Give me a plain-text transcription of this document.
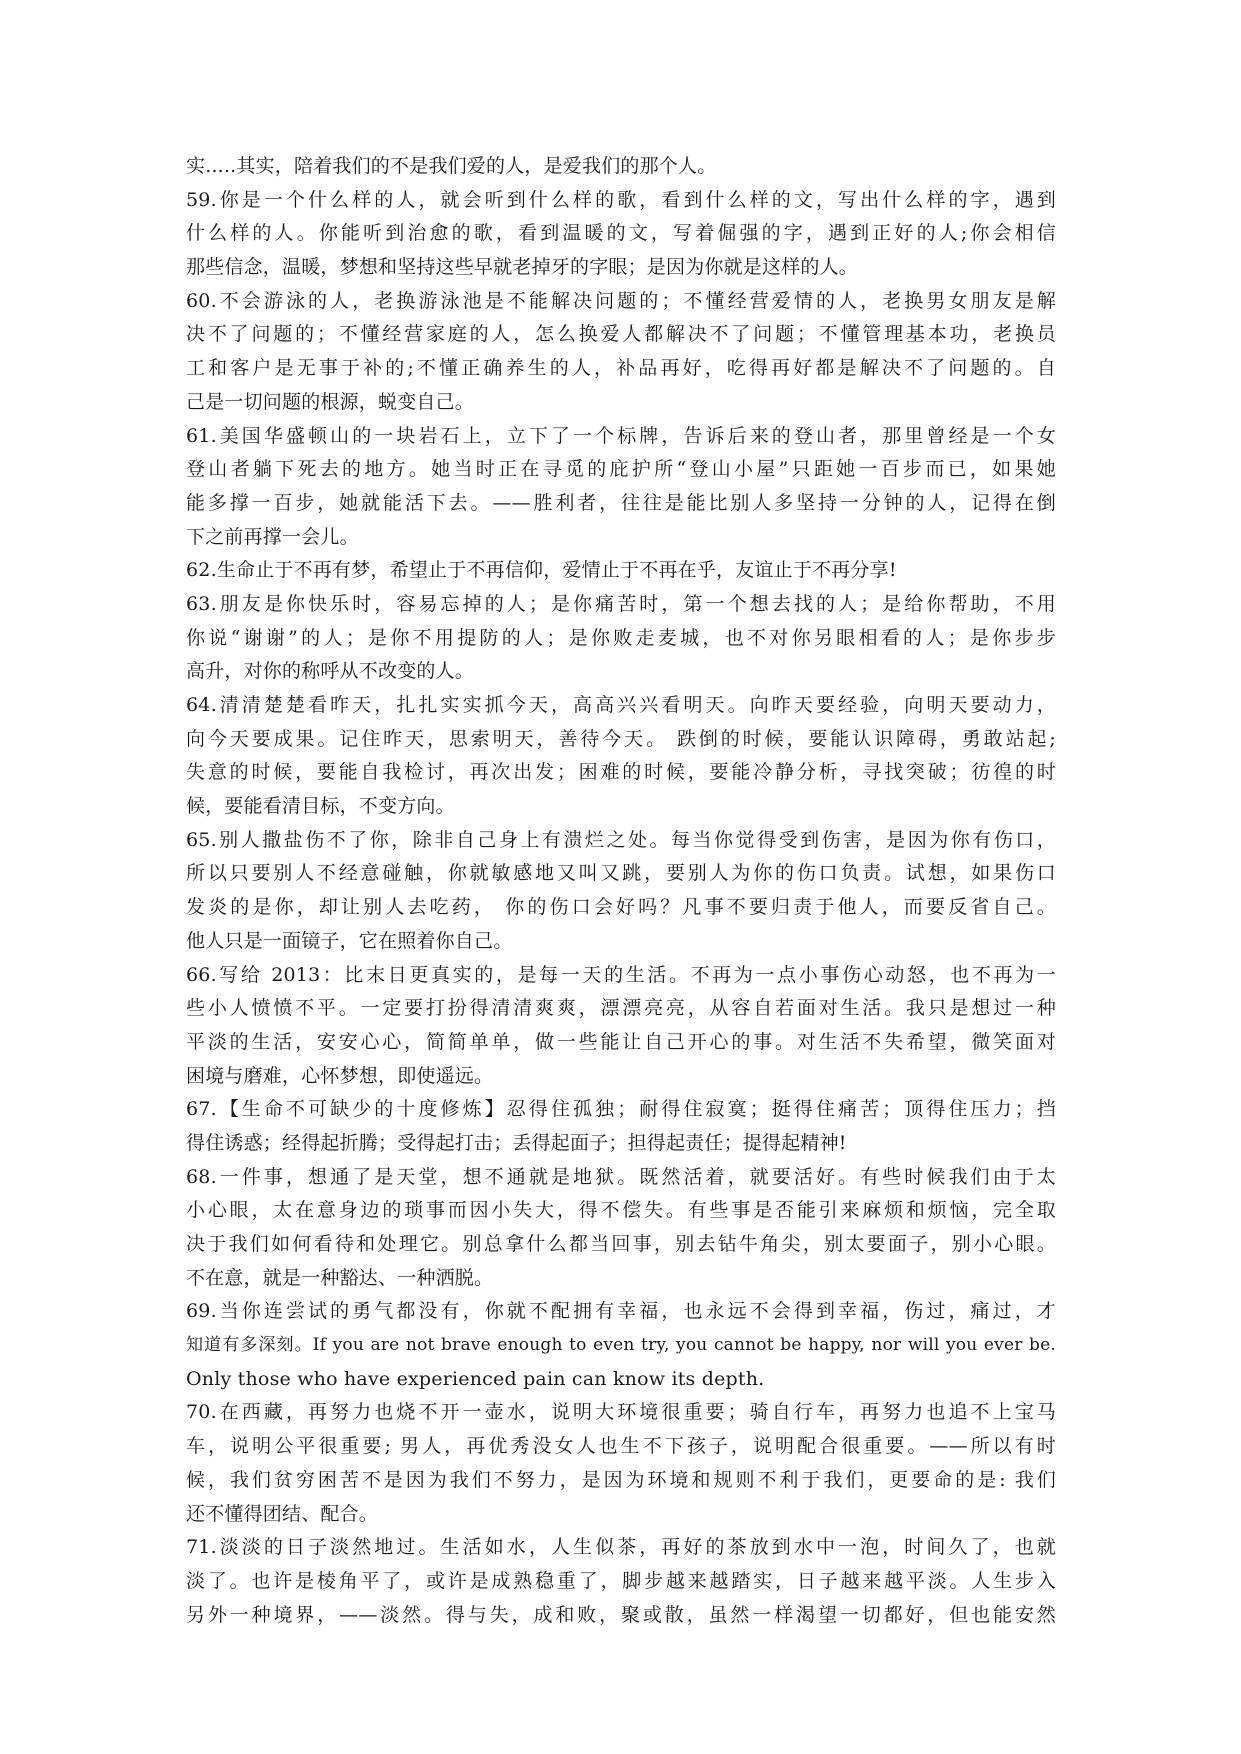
实.....其实，陪着我们的不是我们爱的人，是爱我们的那个人。
59.你是一个什么样的人，就会听到什么样的歌，看到什么样的文，写出什么样的字，遇到
什么样的人。你能听到治愈的歌，看到温暖的文，写着倔强的字，遇到正好的人;你会相信
那些信念，温暖，梦想和坚持这些早就老掉牙的字眼；是因为你就是这样的人。
60.不会游泳的人，老换游泳池是不能解决问题的；不懂经营爱情的人，老换男女朋友是解
决不了问题的；不懂经营家庭的人，怎么换爱人都解决不了问题；不懂管理基本功，老换员
工和客户是无事于补的;不懂正确养生的人，补品再好，吃得再好都是解决不了问题的。自
己是一切问题的根源，蜕变自己。
61.美国华盛顿山的一块岩石上，立下了一个标牌，告诉后来的登山者，那里曾经是一个女
登山者躺下死去的地方。她当时正在寻觅的庇护所“登山小屋”只距她一百步而已，如果她
能多撑一百步，她就能活下去。——胜利者，往往是能比别人多坚持一分钟的人，记得在倒
下之前再撑一会儿。
62.生命止于不再有梦，希望止于不再信仰，爱情止于不再在乎，友谊止于不再分享!
63.朋友是你快乐时，容易忘掉的人；是你痛苦时，第一个想去找的人；是给你帮助，不用
你说“谢谢”的人；是你不用提防的人；是你败走麦城，也不对你另眼相看的人；是你步步
高升，对你的称呼从不改变的人。
64.清清楚楚看昨天，扎扎实实抓今天，高高兴兴看明天。向昨天要经验，向明天要动力，
向今天要成果。记住昨天，思索明天，善待今天。 跌倒的时候，要能认识障碍，勇敢站起;
失意的时候，要能自我检讨，再次出发；困难的时候，要能冷静分析，寻找突破；彷徨的时
候，要能看清目标，不变方向。
65.别人撒盐伤不了你，除非自己身上有溃烂之处。每当你觉得受到伤害，是因为你有伤口，
所以只要别人不经意碰触，你就敏感地又叫又跳，要别人为你的伤口负责。试想，如果伤口
发炎的是你，却让别人去吃药， 你的伤口会好吗？凡事不要归责于他人，而要反省自己。
他人只是一面镜子，它在照着你自己。
66.写给 2013：比末日更真实的，是每一天的生活。不再为一点小事伤心动怒，也不再为一
些小人愤愤不平。一定要打扮得清清爽爽，漂漂亮亮，从容自若面对生活。我只是想过一种
平淡的生活，安安心心，简简单单，做一些能让自己开心的事。对生活不失希望，微笑面对
困境与磨难，心怀梦想，即使遥远。
67.【生命不可缺少的十度修炼】忍得住孤独；耐得住寂寞；挺得住痛苦；顶得住压力；挡
得住诱惑；经得起折腾；受得起打击；丢得起面子；担得起责任；提得起精神!
68.一件事，想通了是天堂，想不通就是地狱。既然活着，就要活好。有些时候我们由于太
小心眼，太在意身边的琐事而因小失大，得不偿失。有些事是否能引来麻烦和烦恼，完全取
决于我们如何看待和处理它。别总拿什么都当回事，别去钻牛角尖，别太要面子，别小心眼。
不在意，就是一种豁达、一种洒脱。
69.当你连尝试的勇气都没有，你就不配拥有幸福，也永远不会得到幸福，伤过，痛过，才
知道有多深刻。If you are not brave enough to even try, you cannot be happy, nor will you ever be.
Only those who have experienced pain can know its depth.
70.在西藏，再努力也烧不开一壶水，说明大环境很重要；骑自行车，再努力也追不上宝马
车，说明公平很重要; 男人，再优秀没女人也生不下孩子，说明配合很重要。——所以有时
候，我们贫穷困苦不是因为我们不努力，是因为环境和规则不利于我们，更要命的是: 我们
还不懂得团结、配合。
71.淡淡的日子淡然地过。生活如水，人生似茶，再好的茶放到水中一泡，时间久了，也就
淡了。也许是棱角平了，或许是成熟稳重了，脚步越来越踏实，日子越来越平淡。人生步入
另外一种境界，——淡然。得与失，成和败，聚或散，虽然一样渴望一切都好，但也能安然
